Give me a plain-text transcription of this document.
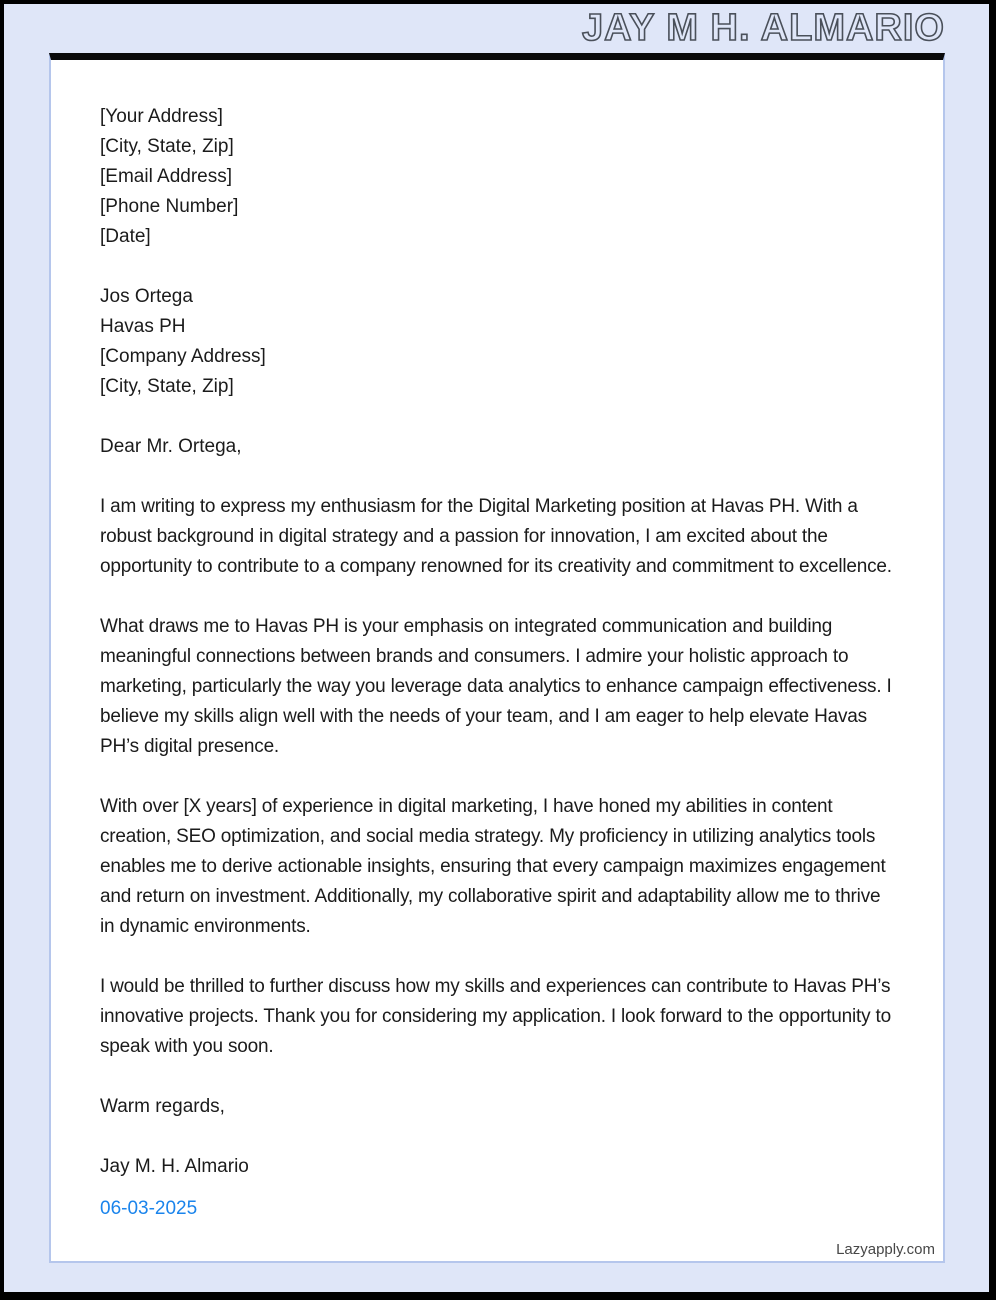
JAY M H. ALMARIO
[Your Address]
[City, State, Zip]
[Email Address]
[Phone Number]
[Date]
Jos Ortega
Havas PH
[Company Address]
[City, State, Zip]
Dear Mr. Ortega,
I am writing to express my enthusiasm for the Digital Marketing position at Havas PH. With a robust background in digital strategy and a passion for innovation, I am excited about the opportunity to contribute to a company renowned for its creativity and commitment to excellence.
What draws me to Havas PH is your emphasis on integrated communication and building meaningful connections between brands and consumers. I admire your holistic approach to marketing, particularly the way you leverage data analytics to enhance campaign effectiveness. I believe my skills align well with the needs of your team, and I am eager to help elevate Havas PH’s digital presence.
With over [X years] of experience in digital marketing, I have honed my abilities in content creation, SEO optimization, and social media strategy. My proficiency in utilizing analytics tools enables me to derive actionable insights, ensuring that every campaign maximizes engagement and return on investment. Additionally, my collaborative spirit and adaptability allow me to thrive in dynamic environments.
I would be thrilled to further discuss how my skills and experiences can contribute to Havas PH’s innovative projects. Thank you for considering my application. I look forward to the opportunity to speak with you soon.
Warm regards,
Jay M. H. Almario
06-03-2025
Lazyapply.com
